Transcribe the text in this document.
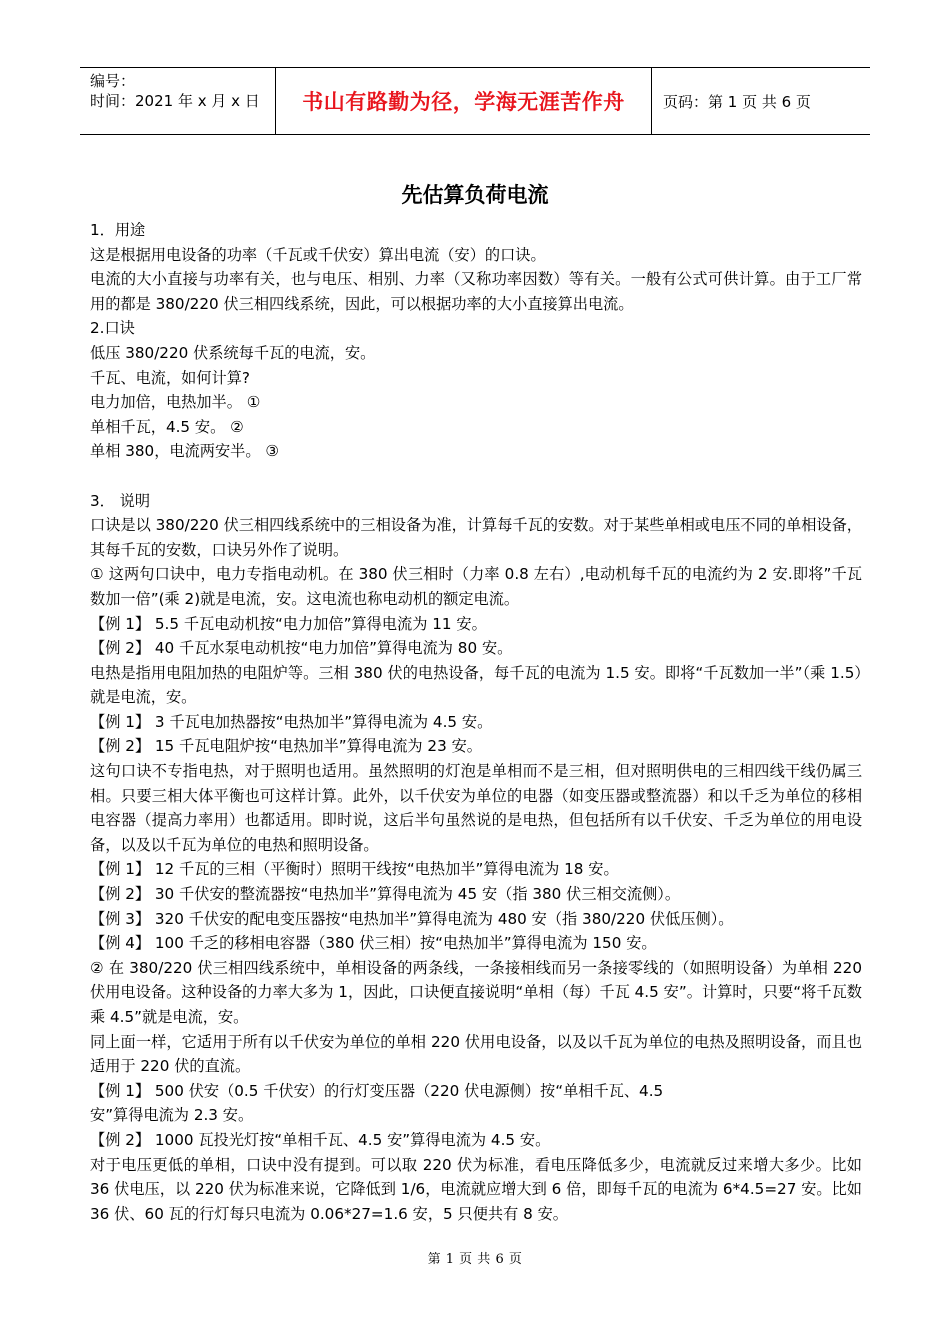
编号：
时间：2021 年 x 月 x 日	书山有路勤为径，学海无涯苦作舟	页码：第 1 页 共 6 页
先估算负荷电流

1．用途

这是根据用电设备的功率（千瓦或千伏安）算出电流（安）的口诀。

电流的大小直接与功率有关，也与电压、相别、力率（又称功率因数）等有关。一般有公式可供计算。由于工厂常用的都是 380/220 伏三相四线系统，因此，可以根据功率的大小直接算出电流。

2.口诀

低压 380/220 伏系统每千瓦的电流，安。

千瓦、电流，如何计算?

电力加倍，电热加半。 ①

单相千瓦，4.5 安。 ②

单相 380，电流两安半。 ③

3． 说明

口诀是以 380/220 伏三相四线系统中的三相设备为准，计算每千瓦的安数。对于某些单相或电压不同的单相设备，其每千瓦的安数，口诀另外作了说明。

① 这两句口诀中，电力专指电动机。在 380 伏三相时（力率 0.8 左右）,电动机每千瓦的电流约为 2 安.即将”千瓦数加一倍”(乘 2)就是电流，安。这电流也称电动机的额定电流。

【例 1】 5.5 千瓦电动机按“电力加倍”算得电流为 11 安。

【例 2】 40 千瓦水泵电动机按“电力加倍”算得电流为 80 安。

电热是指用电阻加热的电阻炉等。三相 380 伏的电热设备，每千瓦的电流为 1.5 安。即将“千瓦数加一半”（乘 1.5）就是电流，安。

【例 1】 3 千瓦电加热器按“电热加半”算得电流为 4.5 安。

【例 2】 15 千瓦电阻炉按“电热加半”算得电流为 23 安。

这句口诀不专指电热，对于照明也适用。虽然照明的灯泡是单相而不是三相，但对照明供电的三相四线干线仍属三相。只要三相大体平衡也可这样计算。此外，以千伏安为单位的电器（如变压器或整流器）和以千乏为单位的移相电容器（提高力率用）也都适用。即时说，这后半句虽然说的是电热，但包括所有以千伏安、千乏为单位的用电设备，以及以千瓦为单位的电热和照明设备。

【例 1】 12 千瓦的三相（平衡时）照明干线按“电热加半”算得电流为 18 安。

【例 2】 30 千伏安的整流器按“电热加半”算得电流为 45 安（指 380 伏三相交流侧）。

【例 3】 320 千伏安的配电变压器按“电热加半”算得电流为 480 安（指 380/220 伏低压侧）。

【例 4】 100 千乏的移相电容器（380 伏三相）按“电热加半”算得电流为 150 安。

② 在 380/220 伏三相四线系统中，单相设备的两条线，一条接相线而另一条接零线的（如照明设备）为单相 220 伏用电设备。这种设备的力率大多为 1，因此，口诀便直接说明“单相（每）千瓦 4.5 安”。计算时，只要“将千瓦数乘 4.5”就是电流，安。

同上面一样，它适用于所有以千伏安为单位的单相 220 伏用电设备，以及以千瓦为单位的电热及照明设备，而且也适用于 220 伏的直流。

【例 1】 500 伏安（0.5 千伏安）的行灯变压器（220 伏电源侧）按“单相千瓦、4.5

安”算得电流为 2.3 安。

【例 2】 1000 瓦投光灯按“单相千瓦、4.5 安”算得电流为 4.5 安。

对于电压更低的单相，口诀中没有提到。可以取 220 伏为标准，看电压降低多少，电流就反过来增大多少。比如 36 伏电压，以 220 伏为标准来说，它降低到 1/6，电流就应增大到 6 倍，即每千瓦的电流为 6*4.5=27 安。比如 36 伏、60 瓦的行灯每只电流为 0.06*27=1.6 安，5 只便共有 8 安。

第 1 页 共 6 页
